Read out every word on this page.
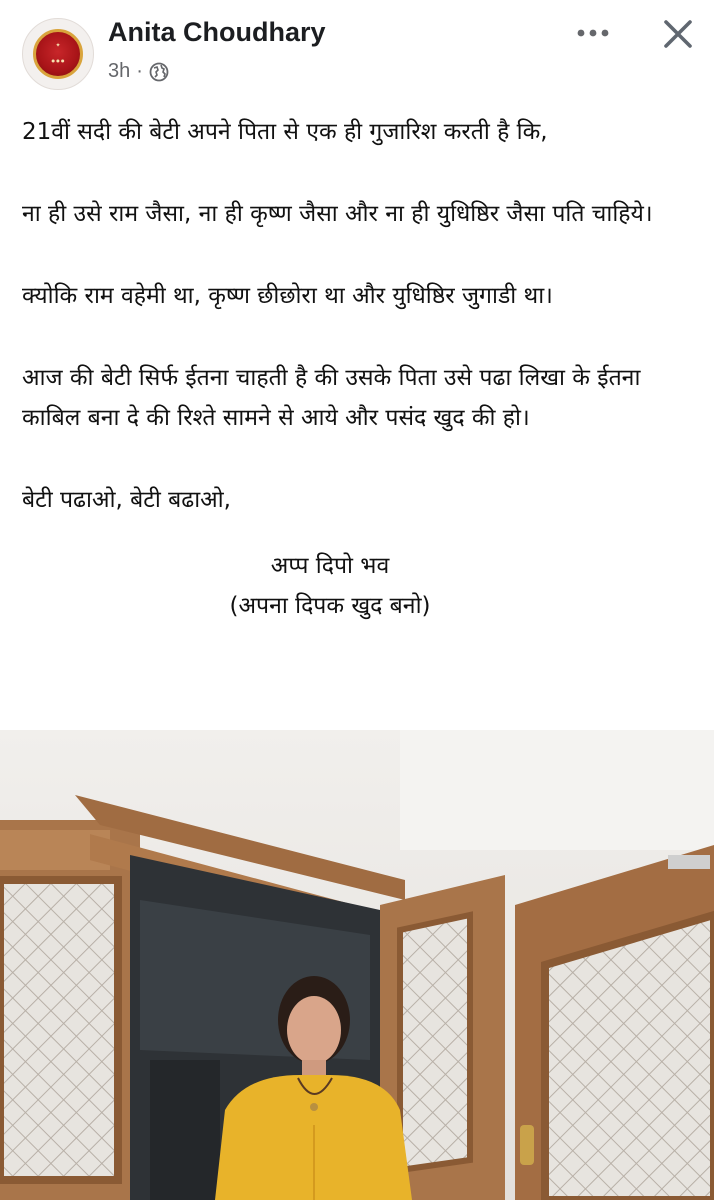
✦
● ● ●
Anita Choudhary
3h ·

21वीं सदी की बेटी अपने पिता से एक ही गुजारिश करती है कि,

ना ही उसे राम जैसा, ना ही कृष्ण जैसा और ना ही युधिष्ठिर जैसा पति चाहिये।

क्योकि राम वहेमी था, कृष्ण छीछोरा था और युधिष्ठिर जुगाडी था।

आज की बेटी सिर्फ ईतना चाहती है की उसके पिता उसे पढा लिखा के ईतना काबिल बना दे की रिश्ते सामने से आये और पसंद खुद की हो।

बेटी पढाओ, बेटी बढाओ,

अप्प दिपो भव

(अपना दिपक खुद बनो)
